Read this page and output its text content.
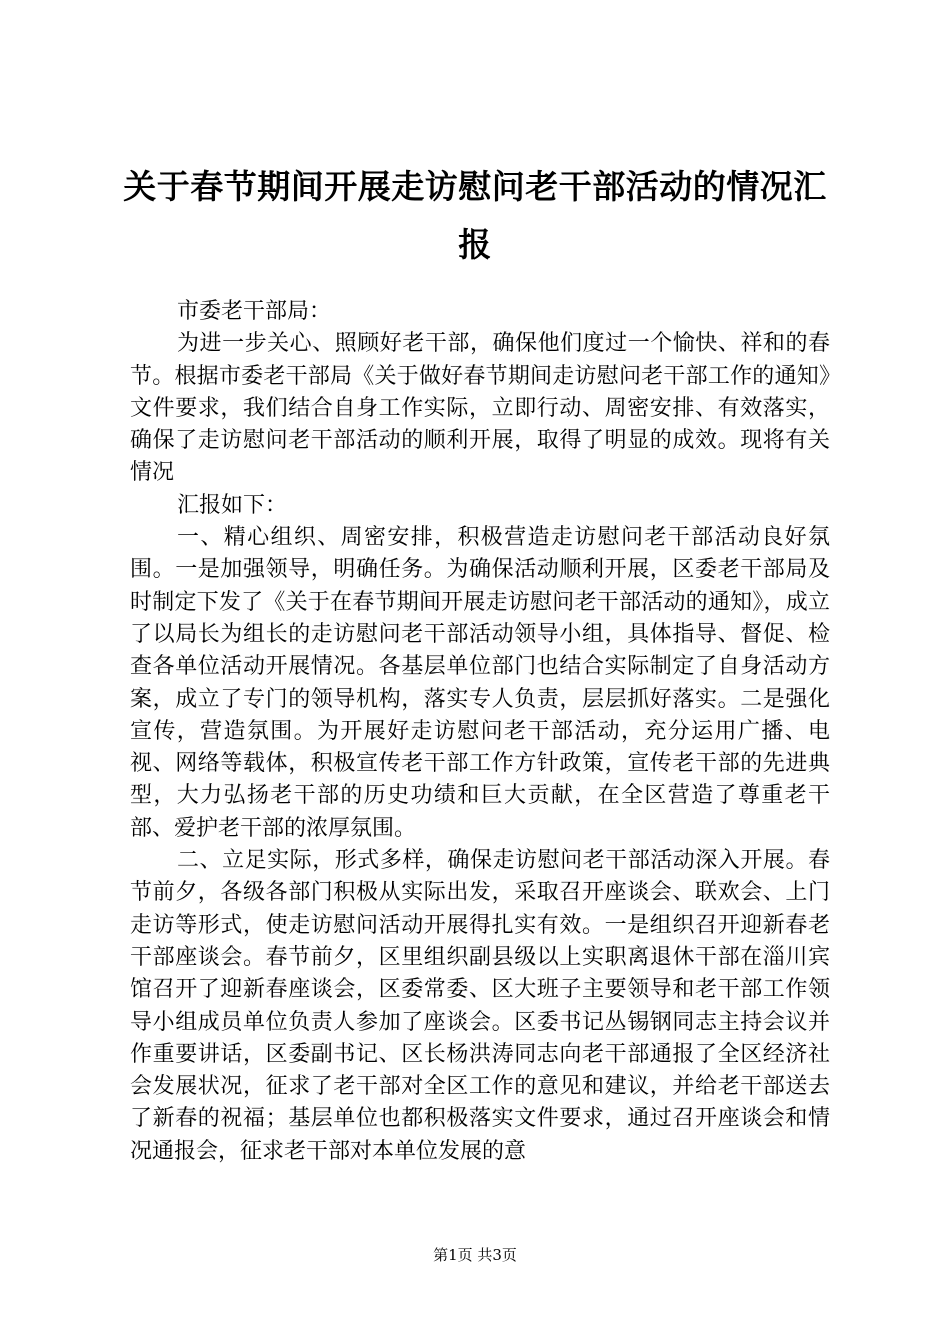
关于春节期间开展走访慰问老干部活动的情况汇报

市委老干部局：

为进一步关心、照顾好老干部，确保他们度过一个愉快、祥和的春节。根据市委老干部局《关于做好春节期间走访慰问老干部工作的通知》文件要求，我们结合自身工作实际，立即行动、周密安排、有效落实，确保了走访慰问老干部活动的顺利开展，取得了明显的成效。现将有关情况

汇报如下：

一、精心组织、周密安排，积极营造走访慰问老干部活动良好氛围。一是加强领导，明确任务。为确保活动顺利开展，区委老干部局及时制定下发了《关于在春节期间开展走访慰问老干部活动的通知》，成立了以局长为组长的走访慰问老干部活动领导小组，具体指导、督促、检查各单位活动开展情况。各基层单位部门也结合实际制定了自身活动方案，成立了专门的领导机构，落实专人负责，层层抓好落实。二是强化宣传，营造氛围。为开展好走访慰问老干部活动，充分运用广播、电视、网络等载体，积极宣传老干部工作方针政策，宣传老干部的先进典型，大力弘扬老干部的历史功绩和巨大贡献，在全区营造了尊重老干部、爱护老干部的浓厚氛围。

二、立足实际，形式多样，确保走访慰问老干部活动深入开展。春节前夕，各级各部门积极从实际出发，采取召开座谈会、联欢会、上门走访等形式，使走访慰问活动开展得扎实有效。一是组织召开迎新春老干部座谈会。春节前夕，区里组织副县级以上实职离退休干部在淄川宾馆召开了迎新春座谈会，区委常委、区大班子主要领导和老干部工作领导小组成员单位负责人参加了座谈会。区委书记丛锡钢同志主持会议并作重要讲话，区委副书记、区长杨洪涛同志向老干部通报了全区经济社会发展状况，征求了老干部对全区工作的意见和建议，并给老干部送去了新春的祝福；基层单位也都积极落实文件要求，通过召开座谈会和情况通报会，征求老干部对本单位发展的意

第1页 共3页
